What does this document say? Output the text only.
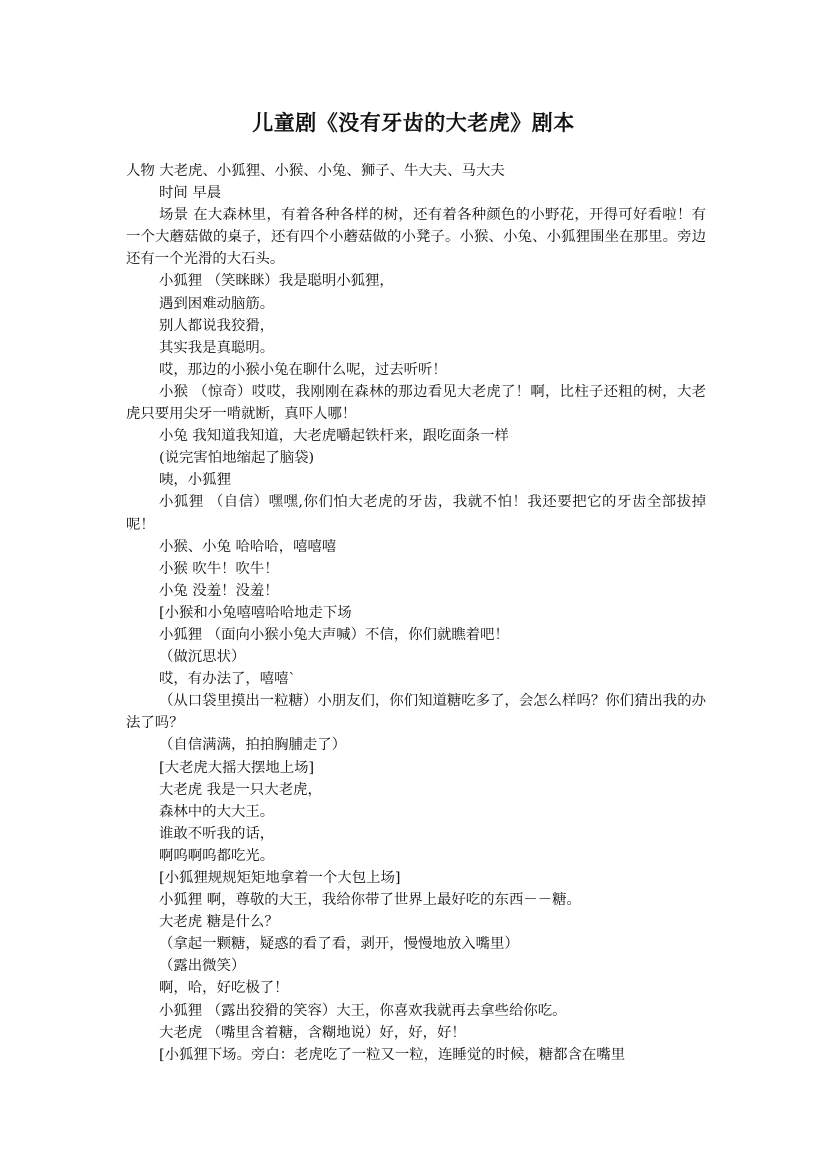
儿童剧《没有牙齿的大老虎》剧本

人物 大老虎、小狐狸、小猴、小兔、狮子、牛大夫、马大夫

时间 早晨

场景 在大森林里，有着各种各样的树，还有着各种颜色的小野花，开得可好看啦！有一个大蘑菇做的桌子，还有四个小蘑菇做的小凳子。小猴、小兔、小狐狸围坐在那里。旁边还有一个光滑的大石头。

小狐狸 （笑眯眯）我是聪明小狐狸，

遇到困难动脑筋。

别人都说我狡猾，

其实我是真聪明。

哎，那边的小猴小兔在聊什么呢，过去听听！

小猴 （惊奇）哎哎，我刚刚在森林的那边看见大老虎了！啊，比柱子还粗的树，大老虎只要用尖牙一啃就断，真吓人哪！

小兔 我知道我知道，大老虎嚼起铁杆来，跟吃面条一样

(说完害怕地缩起了脑袋)

咦，小狐狸

小狐狸 （自信）嘿嘿,你们怕大老虎的牙齿，我就不怕！我还要把它的牙齿全部拔掉呢！

小猴、小兔 哈哈哈，嘻嘻嘻

小猴 吹牛！吹牛！

小兔 没羞！没羞！

[小猴和小兔嘻嘻哈哈地走下场

小狐狸 （面向小猴小兔大声喊）不信，你们就瞧着吧！

（做沉思状）

哎，有办法了，嘻嘻`

（从口袋里摸出一粒糖）小朋友们，你们知道糖吃多了，会怎么样吗？你们猜出我的办法了吗？

（自信满满，拍拍胸脯走了）

[大老虎大摇大摆地上场]

大老虎 我是一只大老虎，

森林中的大大王。

谁敢不听我的话，

啊呜啊呜都吃光。

[小狐狸规规矩矩地拿着一个大包上场]

小狐狸 啊，尊敬的大王，我给你带了世界上最好吃的东西－－糖。

大老虎 糖是什么？

（拿起一颗糖，疑惑的看了看，剥开，慢慢地放入嘴里）

（露出微笑）

啊，哈，好吃极了！

小狐狸 （露出狡猾的笑容）大王，你喜欢我就再去拿些给你吃。

大老虎 （嘴里含着糖，含糊地说）好，好，好！

[小狐狸下场。旁白：老虎吃了一粒又一粒，连睡觉的时候，糖都含在嘴里
